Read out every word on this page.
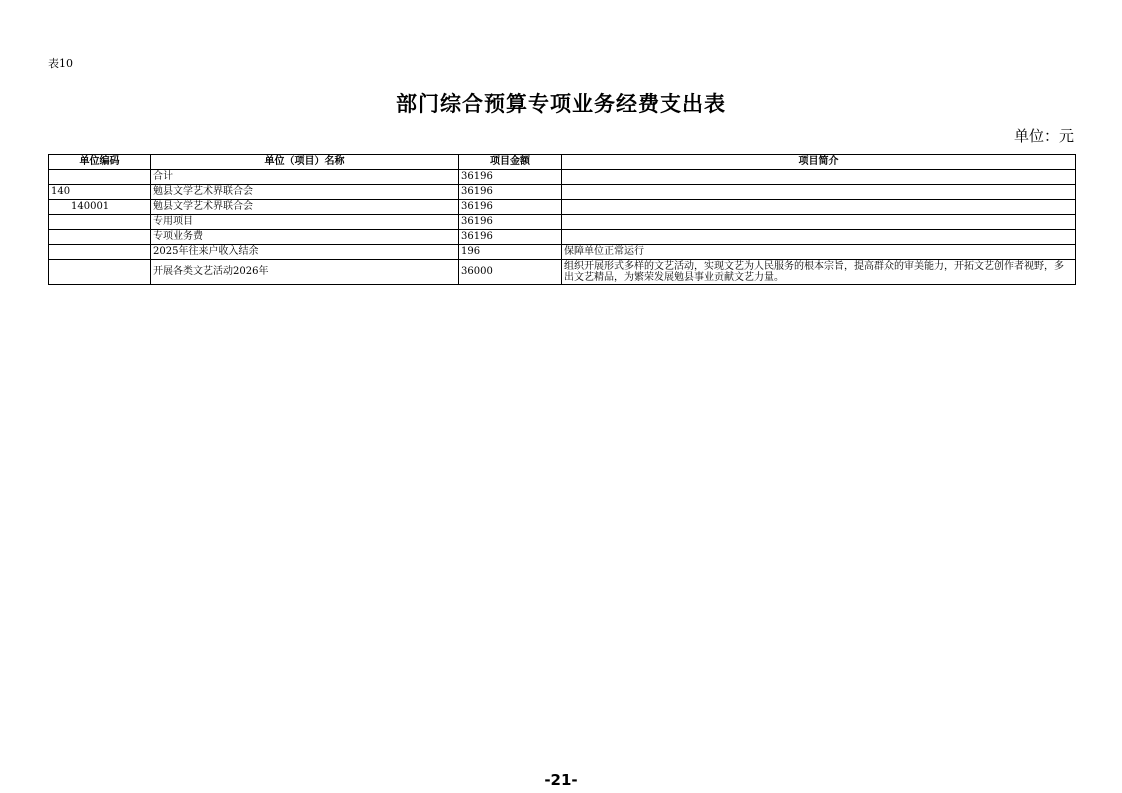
表10
部门综合预算专项业务经费支出表
单位：元
单位编码	单位（项目）名称	项目金额	项目简介
	合计	36196	
140	勉县文学艺术界联合会	36196	
140001	勉县文学艺术界联合会	36196	
	专用项目	36196	
	专项业务费	36196	
	2025年往来户收入结余	196	保障单位正常运行
	开展各类文艺活动2026年	36000	组织开展形式多样的文艺活动，实现文艺为人民服务的根本宗旨，提高群众的审美能力，开拓文艺创作者视野，多出文艺精品，为繁荣发展勉县事业贡献文艺力量。
-21-
